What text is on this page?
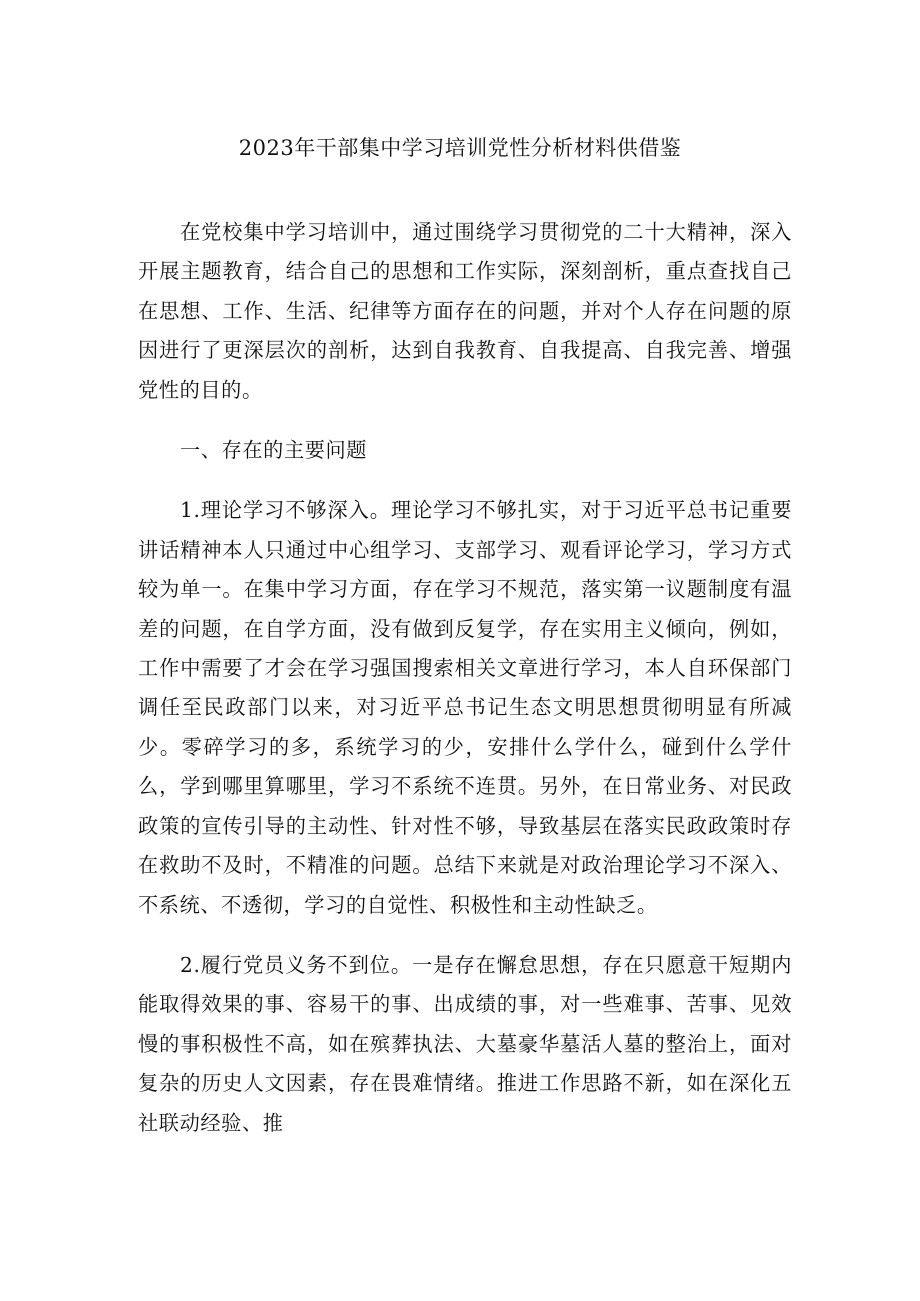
2023年干部集中学习培训党性分析材料供借鉴

在党校集中学习培训中，通过围绕学习贯彻党的二十大精神，深入开展主题教育，结合自己的思想和工作实际，深刻剖析，重点查找自己在思想、工作、生活、纪律等方面存在的问题，并对个人存在问题的原因进行了更深层次的剖析，达到自我教育、自我提高、自我完善、增强党性的目的。

一、存在的主要问题

1.理论学习不够深入。理论学习不够扎实，对于习近平总书记重要讲话精神本人只通过中心组学习、支部学习、观看评论学习，学习方式较为单一。在集中学习方面，存在学习不规范，落实第一议题制度有温差的问题，在自学方面，没有做到反复学，存在实用主义倾向，例如，工作中需要了才会在学习强国搜索相关文章进行学习，本人自环保部门调任至民政部门以来，对习近平总书记生态文明思想贯彻明显有所减少。零碎学习的多，系统学习的少，安排什么学什么，碰到什么学什么，学到哪里算哪里，学习不系统不连贯。另外，在日常业务、对民政政策的宣传引导的主动性、针对性不够，导致基层在落实民政政策时存在救助不及时，不精准的问题。总结下来就是对政治理论学习不深入、不系统、不透彻，学习的自觉性、积极性和主动性缺乏。

2.履行党员义务不到位。一是存在懈怠思想，存在只愿意干短期内能取得效果的事、容易干的事、出成绩的事，对一些难事、苦事、见效慢的事积极性不高，如在殡葬执法、大墓豪华墓活人墓的整治上，面对复杂的历史人文因素，存在畏难情绪。推进工作思路不新，如在深化五社联动经验、推
